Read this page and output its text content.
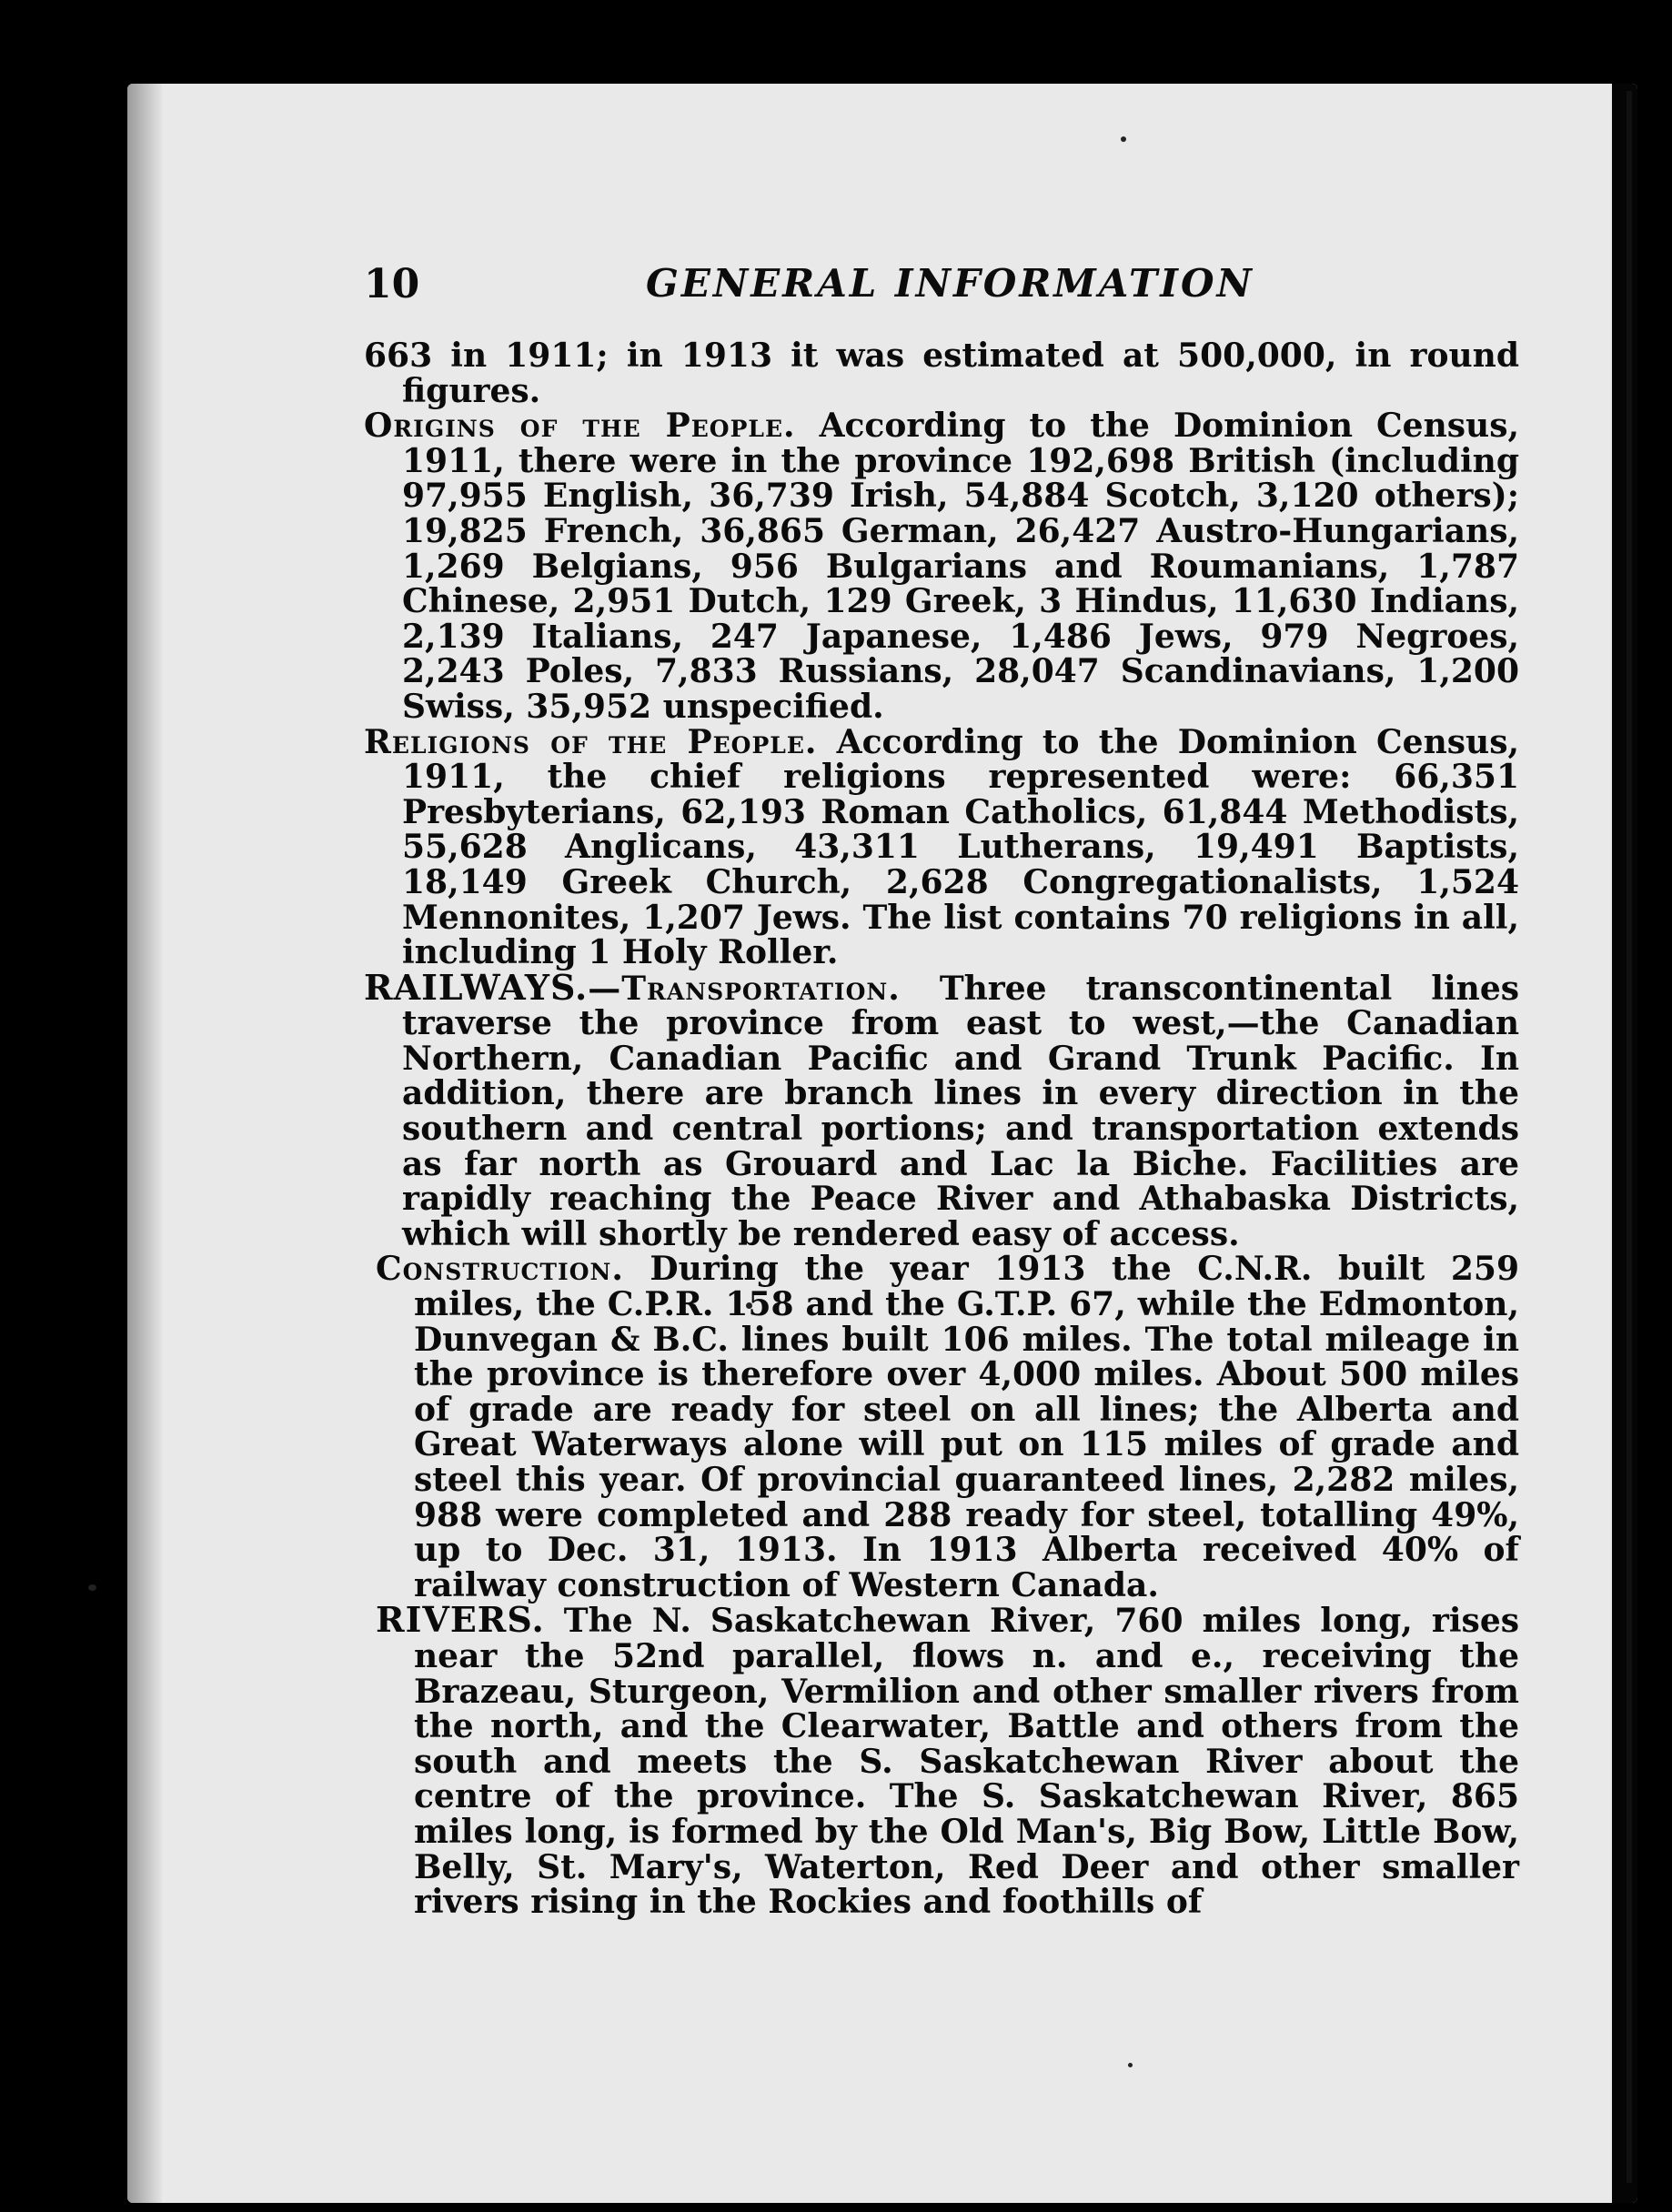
10	GENERAL INFORMATION

663 in 1911; in 1913 it was estimated at 500,000, in round figures.

Origins of the People. According to the Dominion Census, 1911, there were in the province 192,698 British (including 97,955 English, 36,739 Irish, 54,884 Scotch, 3,120 others); 19,825 French, 36,865 German, 26,427 Austro-Hungarians, 1,269 Belgians, 956 Bulgarians and Roumanians, 1,787 Chinese, 2,951 Dutch, 129 Greek, 3 Hindus, 11,630 Indians, 2,139 Italians, 247 Japanese, 1,486 Jews, 979 Negroes, 2,243 Poles, 7,833 Russians, 28,047 Scandinavians, 1,200 Swiss, 35,952 unspecified.

Religions of the People. According to the Dominion Census, 1911, the chief religions represented were: 66,351 Presbyterians, 62,193 Roman Catholics, 61,844 Methodists, 55,628 Anglicans, 43,311 Lutherans, 19,491 Baptists, 18,149 Greek Church, 2,628 Congregationalists, 1,524 Mennonites, 1,207 Jews. The list contains 70 religions in all, including 1 Holy Roller.

RAILWAYS.—Transportation. Three transcontinental lines traverse the province from east to west,—the Canadian Northern, Canadian Pacific and Grand Trunk Pacific. In addition, there are branch lines in every direction in the southern and central portions; and transportation extends as far north as Grouard and Lac la Biche. Facilities are rapidly reaching the Peace River and Athabaska Districts, which will shortly be rendered easy of access.

Construction. During the year 1913 the C.N.R. built 259 miles, the C.P.R. 158 and the G.T.P. 67, while the Edmonton, Dunvegan & B.C. lines built 106 miles. The total mileage in the province is therefore over 4,000 miles. About 500 miles of grade are ready for steel on all lines; the Alberta and Great Waterways alone will put on 115 miles of grade and steel this year. Of provincial guaranteed lines, 2,282 miles, 988 were completed and 288 ready for steel, totalling 49%, up to Dec. 31, 1913. In 1913 Alberta received 40% of railway construction of Western Canada.

RIVERS. The N. Saskatchewan River, 760 miles long, rises near the 52nd parallel, flows n. and e., receiving the Brazeau, Sturgeon, Vermilion and other smaller rivers from the north, and the Clearwater, Battle and others from the south and meets the S. Saskatchewan River about the centre of the province. The S. Saskatchewan River, 865 miles long, is formed by the Old Man's, Big Bow, Little Bow, Belly, St. Mary's, Waterton, Red Deer and other smaller rivers rising in the Rockies and foothills of
